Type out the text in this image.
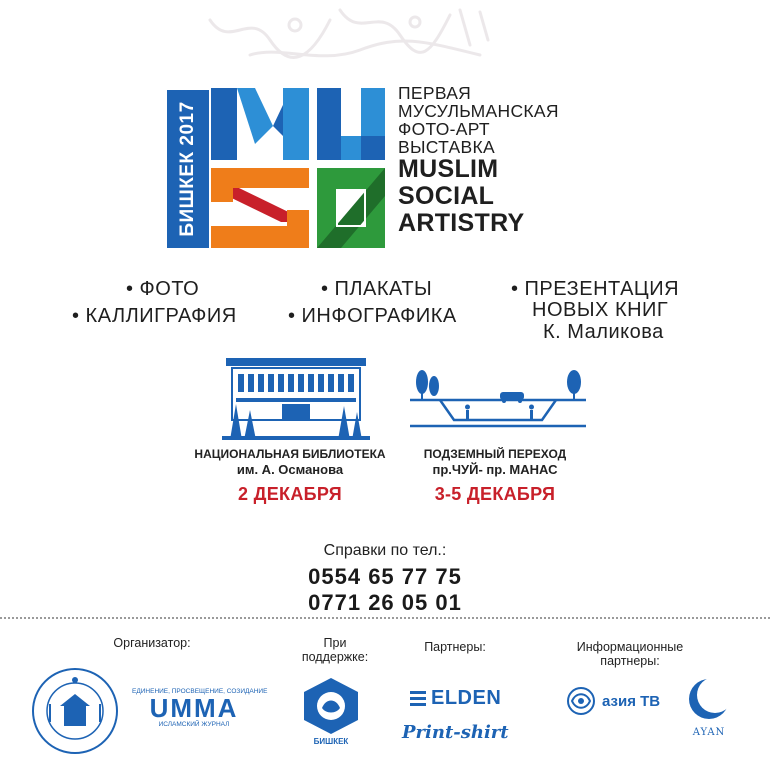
БИШКЕК 2017
ПЕРВАЯ
МУСУЛЬМАНСКАЯ
ФОТО-АРТ
ВЫСТАВКА
MUSLIM
SOCIAL
ARTISTRY
• ФОТО
• КАЛЛИГРАФИЯ
• ПЛАКАТЫ
• ИНФОГРАФИКА
• ПРЕЗЕНТАЦИЯ
НОВЫХ КНИГ
К. Маликова
НАЦИОНАЛЬНАЯ БИБЛИОТЕКА
им. А. Османова
2 ДЕКАБРЯ
ПОДЗЕМНЫЙ ПЕРЕХОД
пр.ЧУЙ- пр. МАНАС
3-5 ДЕКАБРЯ
Справки по тел.:
0554 65 77 75
0771 26 05 01
Организатор:	При
поддержке:
Партнеры:	Информационные
партнеры:
ЕДИНЕНИЕ, ПРОСВЕЩЕНИЕ, СОЗИДАНИЕ
UMMA
ИСЛАМСКИЙ ЖУРНАЛ
БИШКЕК
ELDEN
Print-shirt
азия ТВ
AYAN
